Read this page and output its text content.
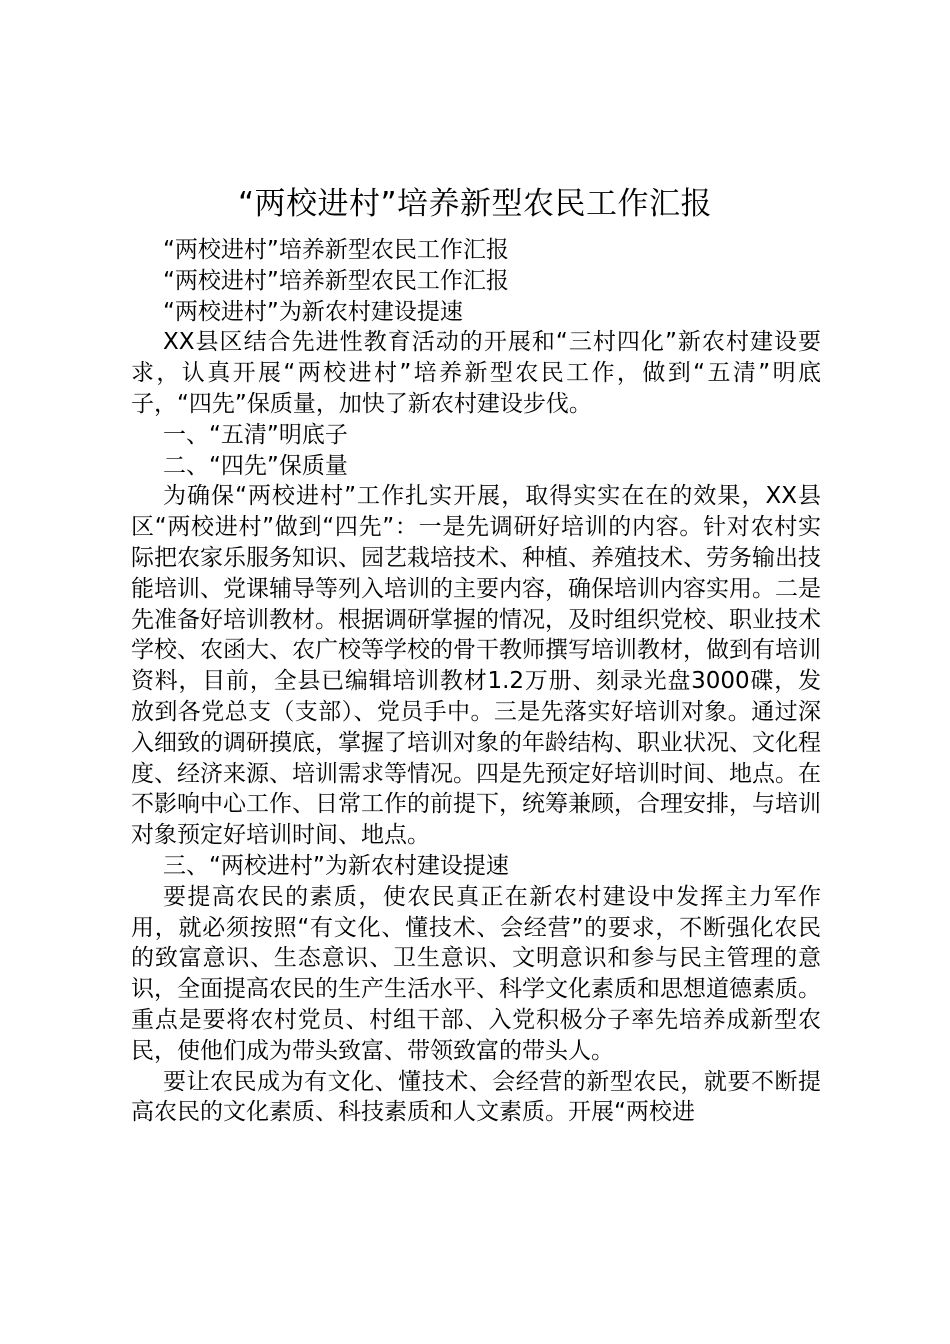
“两校进村”培养新型农民工作汇报

“两校进村”培养新型农民工作汇报

“两校进村”培养新型农民工作汇报

“两校进村”为新农村建设提速

XX县区结合先进性教育活动的开展和“三村四化”新农村建设要求，认真开展“两校进村”培养新型农民工作，做到“五清”明底子，“四先”保质量，加快了新农村建设步伐。

一、“五清”明底子

二、“四先”保质量

为确保“两校进村”工作扎实开展，取得实实在在的效果，XX县区“两校进村”做到“四先”：一是先调研好培训的内容。针对农村实际把农家乐服务知识、园艺栽培技术、种植、养殖技术、劳务输出技能培训、党课辅导等列入培训的主要内容，确保培训内容实用。二是先准备好培训教材。根据调研掌握的情况，及时组织党校、职业技术学校、农函大、农广校等学校的骨干教师撰写培训教材，做到有培训资料，目前，全县已编辑培训教材1.2万册、刻录光盘3000碟，发放到各党总支（支部）、党员手中。三是先落实好培训对象。通过深入细致的调研摸底，掌握了培训对象的年龄结构、职业状况、文化程度、经济来源、培训需求等情况。四是先预定好培训时间、地点。在不影响中心工作、日常工作的前提下，统筹兼顾，合理安排，与培训对象预定好培训时间、地点。

三、“两校进村”为新农村建设提速

要提高农民的素质，使农民真正在新农村建设中发挥主力军作用，就必须按照“有文化、懂技术、会经营”的要求，不断强化农民的致富意识、生态意识、卫生意识、文明意识和参与民主管理的意识，全面提高农民的生产生活水平、科学文化素质和思想道德素质。重点是要将农村党员、村组干部、入党积极分子率先培养成新型农民，使他们成为带头致富、带领致富的带头人。

要让农民成为有文化、懂技术、会经营的新型农民，就要不断提高农民的文化素质、科技素质和人文素质。开展“两校进
